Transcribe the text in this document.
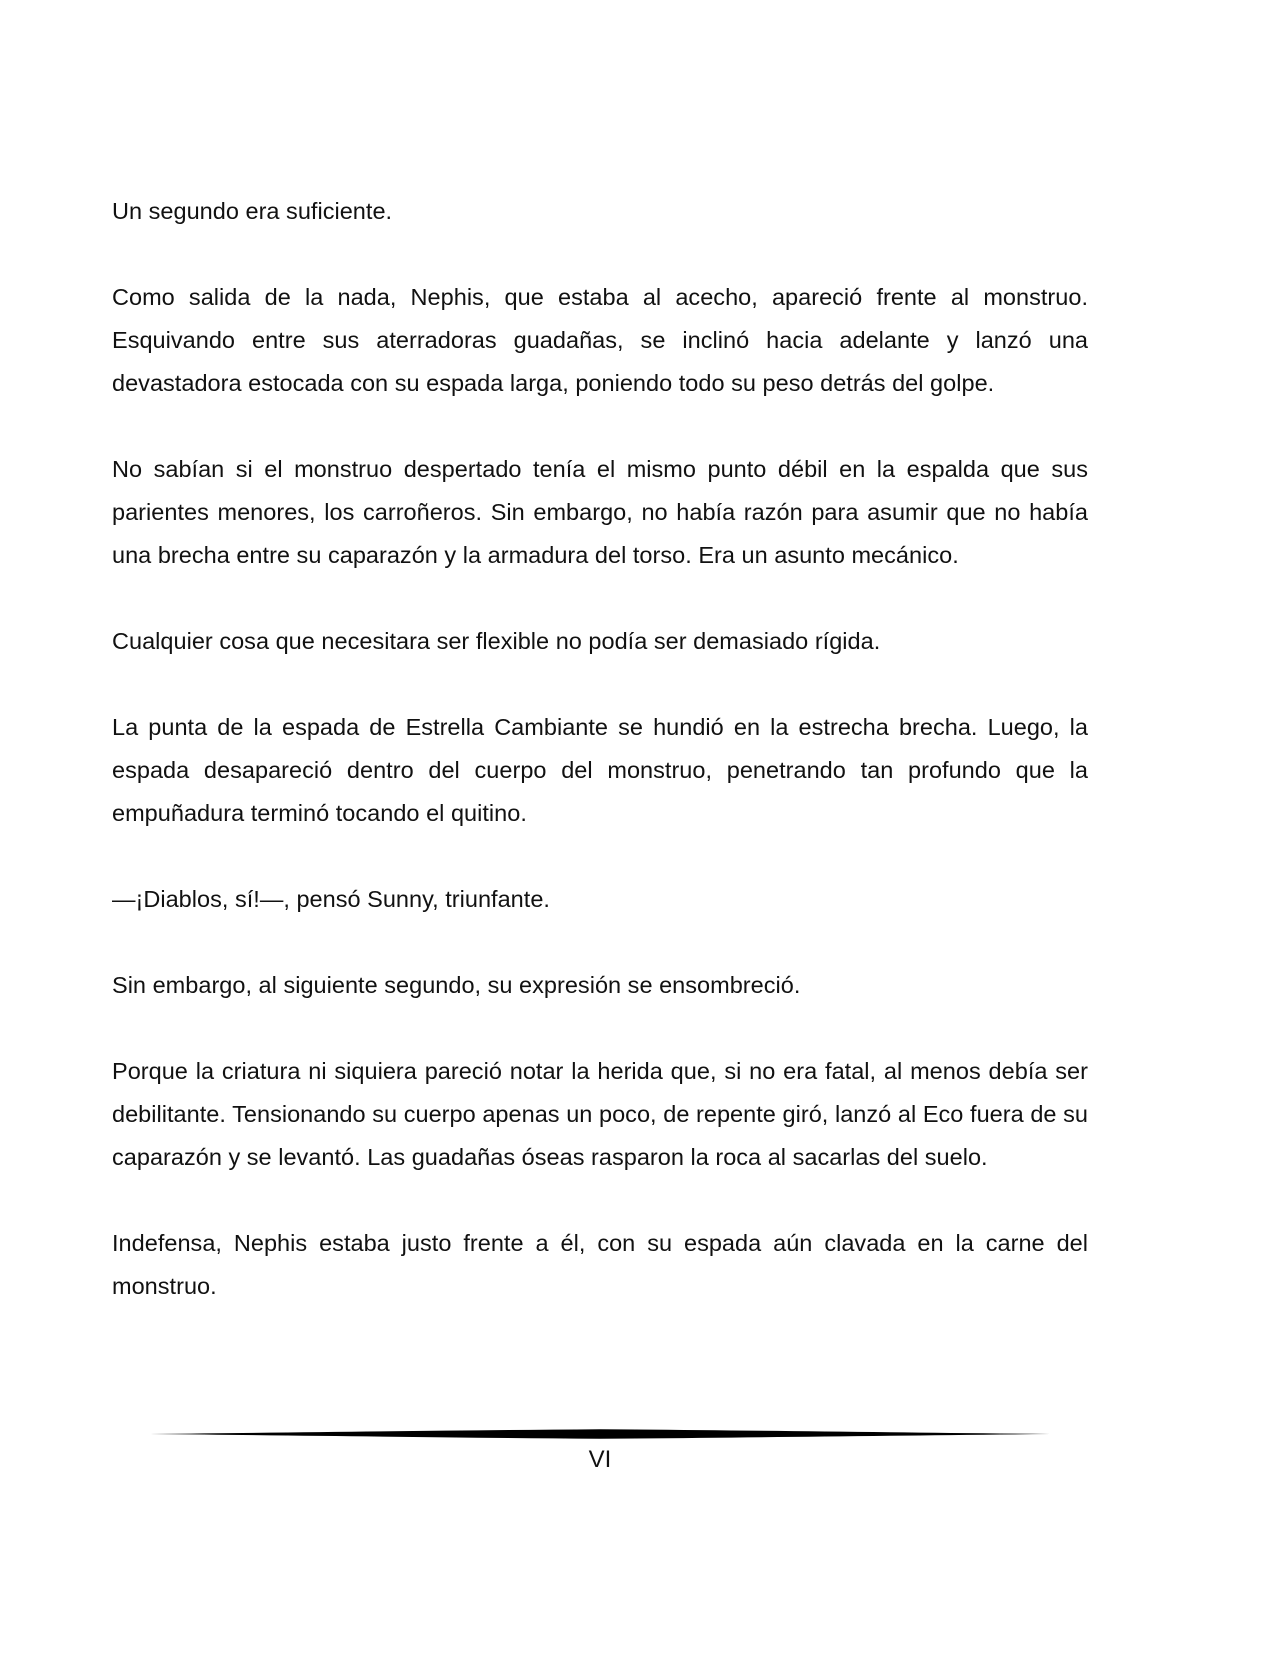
Un segundo era suficiente.

Como salida de la nada, Nephis, que estaba al acecho, apareció frente al monstruo. Esquivando entre sus aterradoras guadañas, se inclinó hacia adelante y lanzó una devastadora estocada con su espada larga, poniendo todo su peso detrás del golpe.

No sabían si el monstruo despertado tenía el mismo punto débil en la espalda que sus parientes menores, los carroñeros. Sin embargo, no había razón para asumir que no había una brecha entre su caparazón y la armadura del torso. Era un asunto mecánico.

Cualquier cosa que necesitara ser flexible no podía ser demasiado rígida.

La punta de la espada de Estrella Cambiante se hundió en la estrecha brecha. Luego, la espada desapareció dentro del cuerpo del monstruo, penetrando tan profundo que la empuñadura terminó tocando el quitino.

—¡Diablos, sí!—, pensó Sunny, triunfante.

Sin embargo, al siguiente segundo, su expresión se ensombreció.

Porque la criatura ni siquiera pareció notar la herida que, si no era fatal, al menos debía ser debilitante. Tensionando su cuerpo apenas un poco, de repente giró, lanzó al Eco fuera de su caparazón y se levantó. Las guadañas óseas rasparon la roca al sacarlas del suelo.

Indefensa, Nephis estaba justo frente a él, con su espada aún clavada en la carne del monstruo.

VI
